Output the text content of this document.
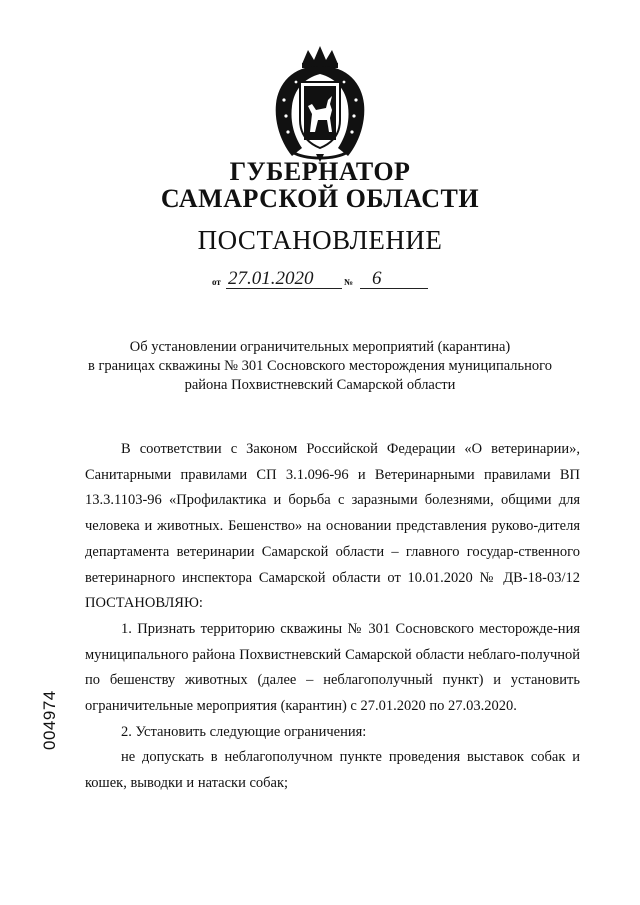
ГУБЕРНАТОР
САМАРСКОЙ ОБЛАСТИ
ПОСТАНОВЛЕНИЕ
от 27.01.2020	№ 6
Об установлении ограничительных мероприятий (карантина)
в границах скважины № 301 Сосновского месторождения муниципального
района Похвистневский Самарской области

В соответствии с Законом Российской Федерации «О ветеринарии», Санитарными правилами СП 3.1.096-96 и Ветеринарными правилами ВП 13.3.1103-96 «Профилактика и борьба с заразными болезнями, общими для человека и животных. Бешенство» на основании представления руково-дителя департамента ветеринарии Самарской области – главного государ-ственного ветеринарного инспектора Самарской области от 10.01.2020 № ДВ-18-03/12 ПОСТАНОВЛЯЮ:

1. Признать территорию скважины № 301 Сосновского месторожде-ния муниципального района Похвистневский Самарской области неблаго-получной по бешенству животных (далее – неблагополучный пункт) и установить ограничительные мероприятия (карантин) с 27.01.2020 по 27.03.2020.

2. Установить следующие ограничения:

не допускать в неблагополучном пункте проведения выставок собак и кошек, выводки и натаски собак;

004974
